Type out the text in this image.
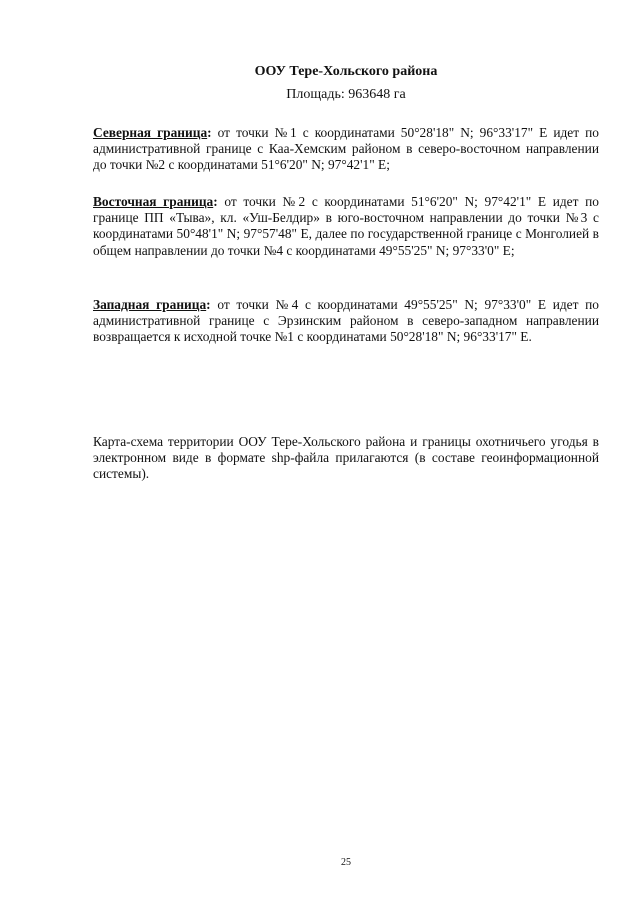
ООУ Тере-Хольского района
Площадь: 963648 га

Северная граница: от точки №1 с координатами 50°28'18" N; 96°33'17" E идет по административной границе с Каа-Хемским районом в северо-восточном направлении до точки №2 с координатами 51°6'20" N; 97°42'1" E;

Восточная граница: от точки №2 с координатами 51°6'20" N; 97°42'1" E идет по границе ПП «Тыва», кл. «Уш-Белдир» в юго-восточном направлении до точки №3 с координатами 50°48'1" N; 97°57'48" E, далее по государственной границе с Монголией в общем направлении до точки №4 с координатами 49°55'25" N; 97°33'0" E;

Западная граница: от точки №4 с координатами 49°55'25" N; 97°33'0" E идет по административной границе с Эрзинским районом в северо-западном направлении возвращается к исходной точке №1 с координатами 50°28'18" N; 96°33'17" E.

Карта-схема территории ООУ Тере-Хольского района и границы охотничьего угодья в электронном виде в формате shp-файла прилагаются (в составе геоинформационной системы).

25
